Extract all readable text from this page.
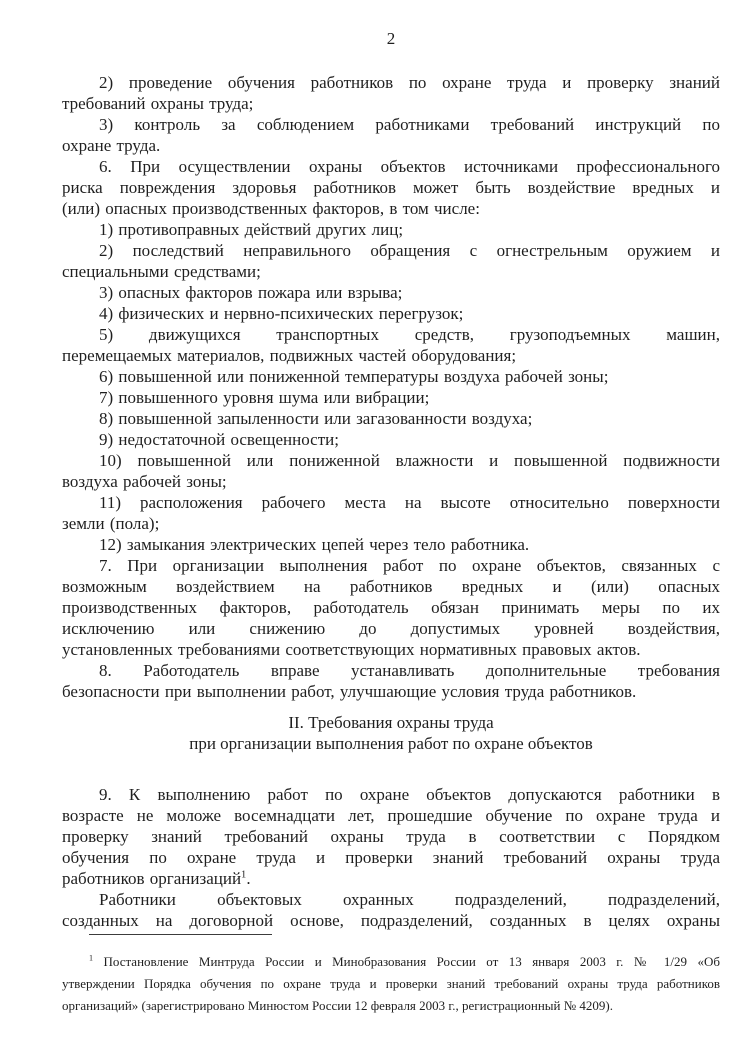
2
2) проведение обучения работников по охране труда и проверку знаний
требований охраны труда;
3) контроль за соблюдением работниками требований инструкций по
охране труда.
6. При осуществлении охраны объектов источниками профессионального
риска повреждения здоровья работников может быть воздействие вредных и
(или) опасных производственных факторов, в том числе:
1) противоправных действий других лиц;
2) последствий неправильного обращения с огнестрельным оружием и
специальными средствами;
3) опасных факторов пожара или взрыва;
4) физических и нервно-психических перегрузок;
5) движущихся транспортных средств, грузоподъемных машин,
перемещаемых материалов, подвижных частей оборудования;
6) повышенной или пониженной температуры воздуха рабочей зоны;
7) повышенного уровня шума или вибрации;
8) повышенной запыленности или загазованности воздуха;
9) недостаточной освещенности;
10) повышенной или пониженной влажности и повышенной подвижности
воздуха рабочей зоны;
11) расположения рабочего места на высоте относительно поверхности
земли (пола);
12) замыкания электрических цепей через тело работника.
7. При организации выполнения работ по охране объектов, связанных с
возможным воздействием на работников вредных и (или) опасных
производственных факторов, работодатель обязан принимать меры по их
исключению или снижению до допустимых уровней воздействия,
установленных требованиями соответствующих нормативных правовых актов.
8. Работодатель вправе устанавливать дополнительные требования
безопасности при выполнении работ, улучшающие условия труда работников.
II. Требования охраны труда
при организации выполнения работ по охране объектов
9. К выполнению работ по охране объектов допускаются работники в
возрасте не моложе восемнадцати лет, прошедшие обучение по охране труда и
проверку знаний требований охраны труда в соответствии с Порядком
обучения по охране труда и проверки знаний требований охраны труда
работников организаций$^1$.
Работники объектовых охранных подразделений, подразделений,
созданных на договорной основе, подразделений, созданных в целях охраны
$^1$ Постановление Минтруда России и Минобразования России от 13 января 2003 г. № 1/29 «Об
утверждении Порядка обучения по охране труда и проверки знаний требований охраны труда работников
организаций» (зарегистрировано Минюстом России 12 февраля 2003 г., регистрационный № 4209).
